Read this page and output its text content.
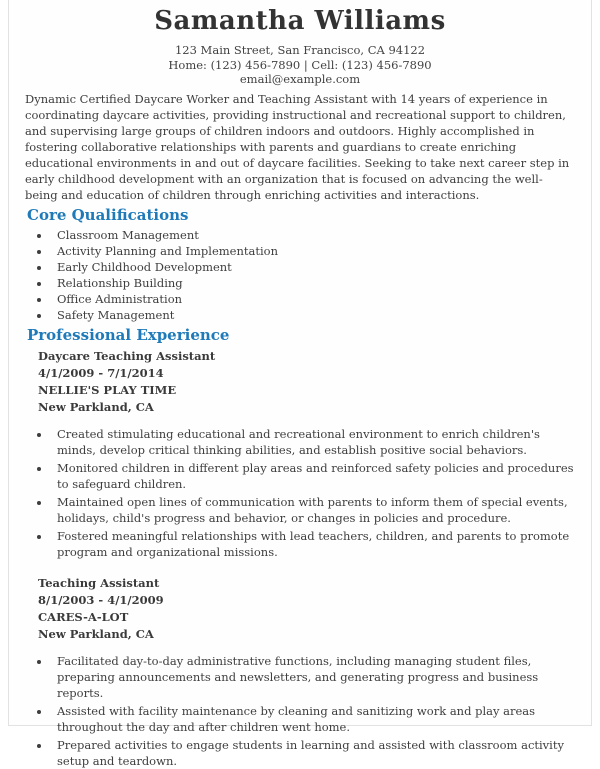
Samantha Williams
123 Main Street, San Francisco, CA 94122
Home: (123) 456-7890 | Cell: (123) 456-7890
email@example.com

Dynamic Certified Daycare Worker and Teaching Assistant with 14 years of experience in coordinating daycare activities, providing instructional and recreational support to children, and supervising large groups of children indoors and outdoors. Highly accomplished in fostering collaborative relationships with parents and guardians to create enriching educational environments in and out of daycare facilities. Seeking to take next career step in early childhood development with an organization that is focused on advancing the well-being and education of children through enriching activities and interactions.

Core Qualifications
• Classroom Management
• Activity Planning and Implementation
• Early Childhood Development
• Relationship Building
• Office Administration
• Safety Management
Professional Experience
Daycare Teaching Assistant
4/1/2009 - 7/1/2014
NELLIE'S PLAY TIME
New Parkland, CA
• Created stimulating educational and recreational environment to enrich children's minds, develop critical thinking abilities, and establish positive social behaviors.
• Monitored children in different play areas and reinforced safety policies and procedures to safeguard children.
• Maintained open lines of communication with parents to inform them of special events, holidays, child's progress and behavior, or changes in policies and procedure.
• Fostered meaningful relationships with lead teachers, children, and parents to promote program and organizational missions.
Teaching Assistant
8/1/2003 - 4/1/2009
CARES-A-LOT
New Parkland, CA
• Facilitated day-to-day administrative functions, including managing student files, preparing announcements and newsletters, and generating progress and business reports.
• Assisted with facility maintenance by cleaning and sanitizing work and play areas throughout the day and after children went home.
• Prepared activities to engage students in learning and assisted with classroom activity setup and teardown.
